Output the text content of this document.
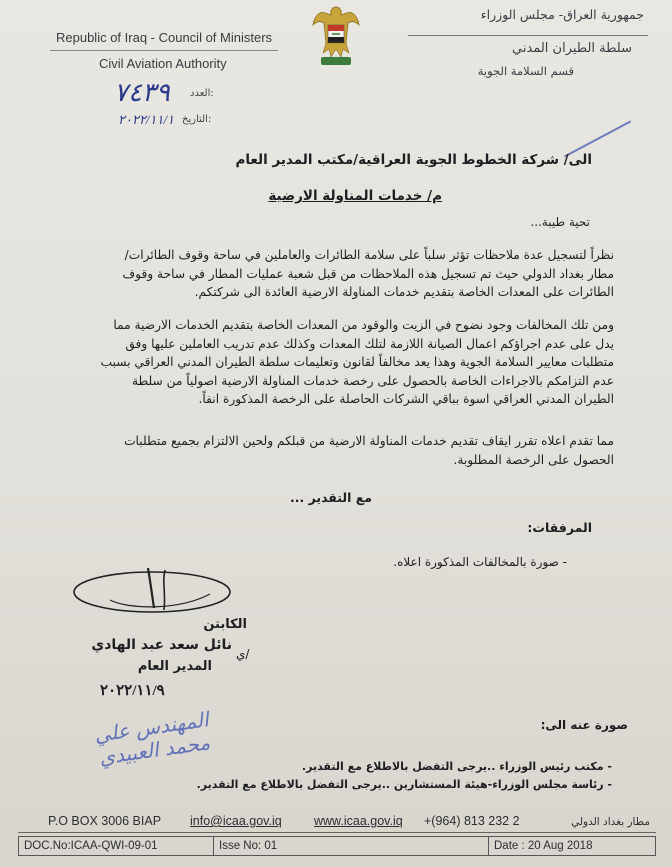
جمهورية العراق- مجلس الوزراء
سلطة الطيران المدني
قسم السلامة الجوية
Republic of Iraq - Council of Ministers
Civil Aviation Authority
العدد:
٧٤٣٩
التاريخ:
٢٠٢٢/١١/١
الى/ شركة الخطوط الجوية العراقية/مكتب المدير العام
م/ خدمات المناولة الارضية
تحية طيبة...
نظراً لتسجيل عدة ملاحظات تؤثر سلباً على سلامة الطائرات والعاملين في ساحة وقوف الطائرات/
مطار بغداد الدولي حيث تم تسجيل هذه الملاحظات من قبل شعبة عمليات المطار في ساحة وقوف
الطائرات على المعدات الخاصة بتقديم خدمات المناولة الارضية العائدة الى شركتكم.
ومن تلك المخالفات وجود نضوح في الزيت والوقود من المعدات الخاصة بتقديم الخدمات الارضية مما
يدل على عدم اجراؤكم اعمال الصيانة اللازمة لتلك المعدات وكذلك عدم تدريب العاملين عليها وفق
متطلبات معايير السلامة الجوية وهذا يعد مخالفاً لقانون وتعليمات سلطة الطيران المدني العراقي بسبب
عدم التزامكم بالاجراءات الخاصة بالحصول على رخصة خدمات المناولة الارضية اصولياً من سلطة
الطيران المدني العراقي اسوة بباقي الشركات الحاصلة على الرخصة المذكورة انفاً.
مما تقدم اعلاه تقرر ايقاف تقديم خدمات المناولة الارضية من قبلكم ولحين الالتزام بجميع متطلبات
الحصول على الرخصة المطلوبة.
مع التقدير ...
المرفقات:
- صورة بالمخالفات المذكورة اعلاه.
الكابتن
نائل سعد عبد الهادي
المدير العام
٢٠٢٢/١١/٩
ي/
صورة عنه الى:
- مكتب رئيس الوزراء ..يرجى التفضل بالاطلاع مع التقدير.
- رئاسة مجلس الوزراء-هيئة المستشارين ..يرجى التفضل بالاطلاع مع التقدير.
المهندس علي محمد العبيدي
P.O BOX 3006 BIAP info@icaa.gov.iq	www.icaa.gov.iq +(964) 813 232 2	مطار بغداد الدولي
DOC.No:ICAA-QWI-09-01	Isse No: 01	Date : 20 Aug 2018
